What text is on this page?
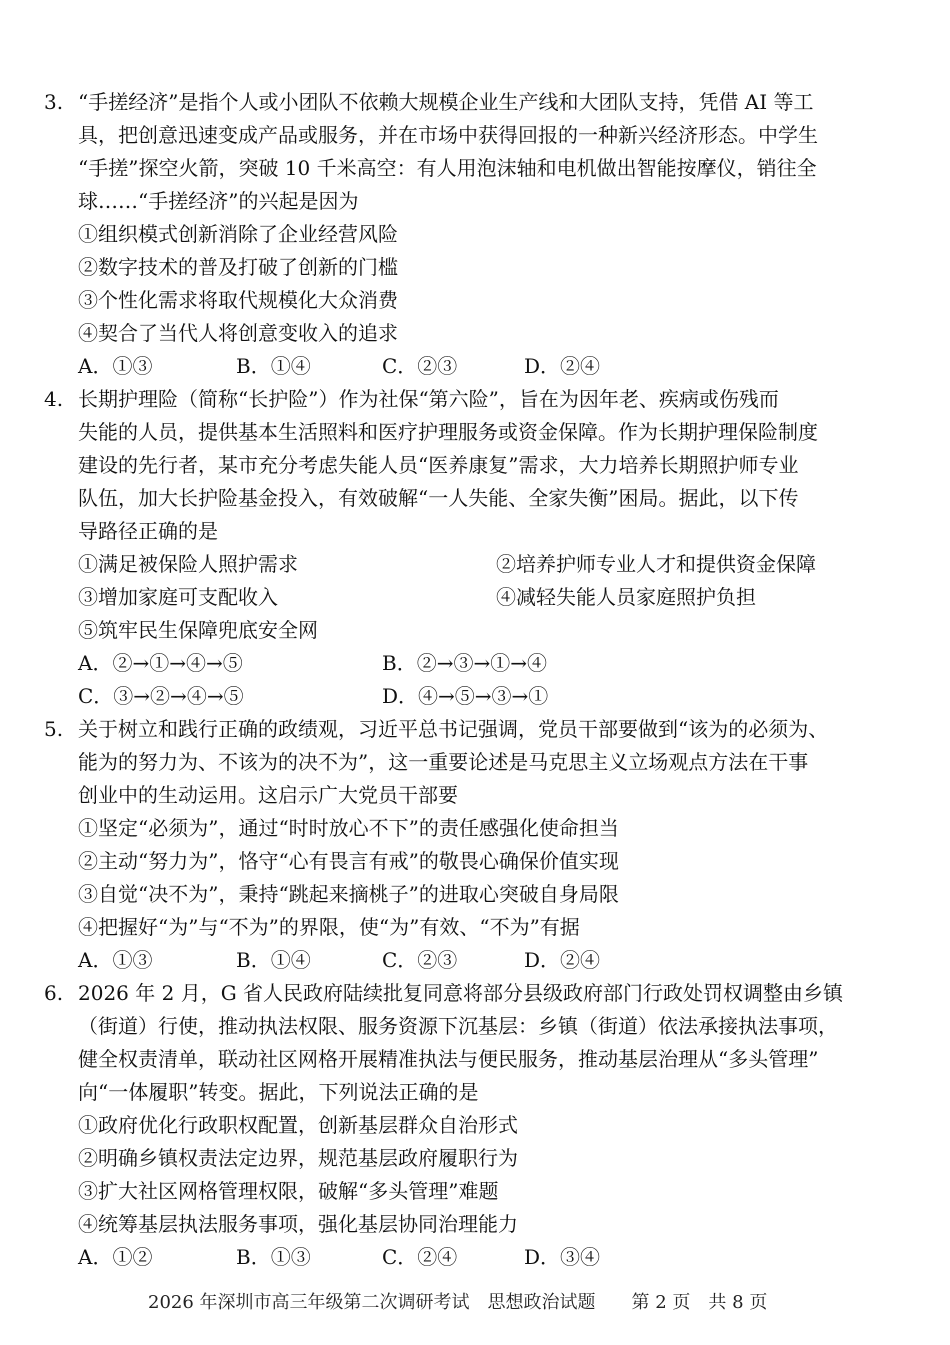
3. “手搓经济”是指个人或小团队不依赖大规模企业生产线和大团队支持，凭借 AI 等工
具，把创意迅速变成产品或服务，并在市场中获得回报的一种新兴经济形态。中学生
“手搓”探空火箭，突破 10 千米高空：有人用泡沫轴和电机做出智能按摩仪，销往全
球……“手搓经济”的兴起是因为
①组织模式创新消除了企业经营风险
②数字技术的普及打破了创新的门槛
③个性化需求将取代规模化大众消费
④契合了当代人将创意变收入的追求
A．①③	B．①④	C．②③	D．②④
4. 长期护理险（简称“长护险”）作为社保“第六险”，旨在为因年老、疾病或伤残而
失能的人员，提供基本生活照料和医疗护理服务或资金保障。作为长期护理保险制度
建设的先行者，某市充分考虑失能人员“医养康复”需求，大力培养长期照护师专业
队伍，加大长护险基金投入，有效破解“一人失能、全家失衡”困局。据此，以下传
导路径正确的是
①满足被保险人照护需求	②培养护师专业人才和提供资金保障
③增加家庭可支配收入	④减轻失能人员家庭照护负担
⑤筑牢民生保障兜底安全网
A．②→①→④→⑤	B．②→③→①→④
C．③→②→④→⑤	D．④→⑤→③→①
5. 关于树立和践行正确的政绩观，习近平总书记强调，党员干部要做到“该为的必须为、
能为的努力为、不该为的决不为”，这一重要论述是马克思主义立场观点方法在干事
创业中的生动运用。这启示广大党员干部要
①坚定“必须为”，通过“时时放心不下”的责任感强化使命担当
②主动“努力为”，恪守“心有畏言有戒”的敬畏心确保价值实现
③自觉“决不为”，秉持“跳起来摘桃子”的进取心突破自身局限
④把握好“为”与“不为”的界限，使“为”有效、“不为”有据
A．①③	B．①④	C．②③	D．②④
6. 2026 年 2 月，G 省人民政府陆续批复同意将部分县级政府部门行政处罚权调整由乡镇
（街道）行使，推动执法权限、服务资源下沉基层：乡镇（街道）依法承接执法事项，
健全权责清单，联动社区网格开展精准执法与便民服务，推动基层治理从“多头管理”
向“一体履职”转变。据此，下列说法正确的是
①政府优化行政职权配置，创新基层群众自治形式
②明确乡镇权责法定边界，规范基层政府履职行为
③扩大社区网格管理权限，破解“多头管理”难题
④统筹基层执法服务事项，强化基层协同治理能力
A．①②	B．①③	C．②④	D．③④
2026 年深圳市高三年级第二次调研考试　思想政治试题　　第 2 页　共 8 页
